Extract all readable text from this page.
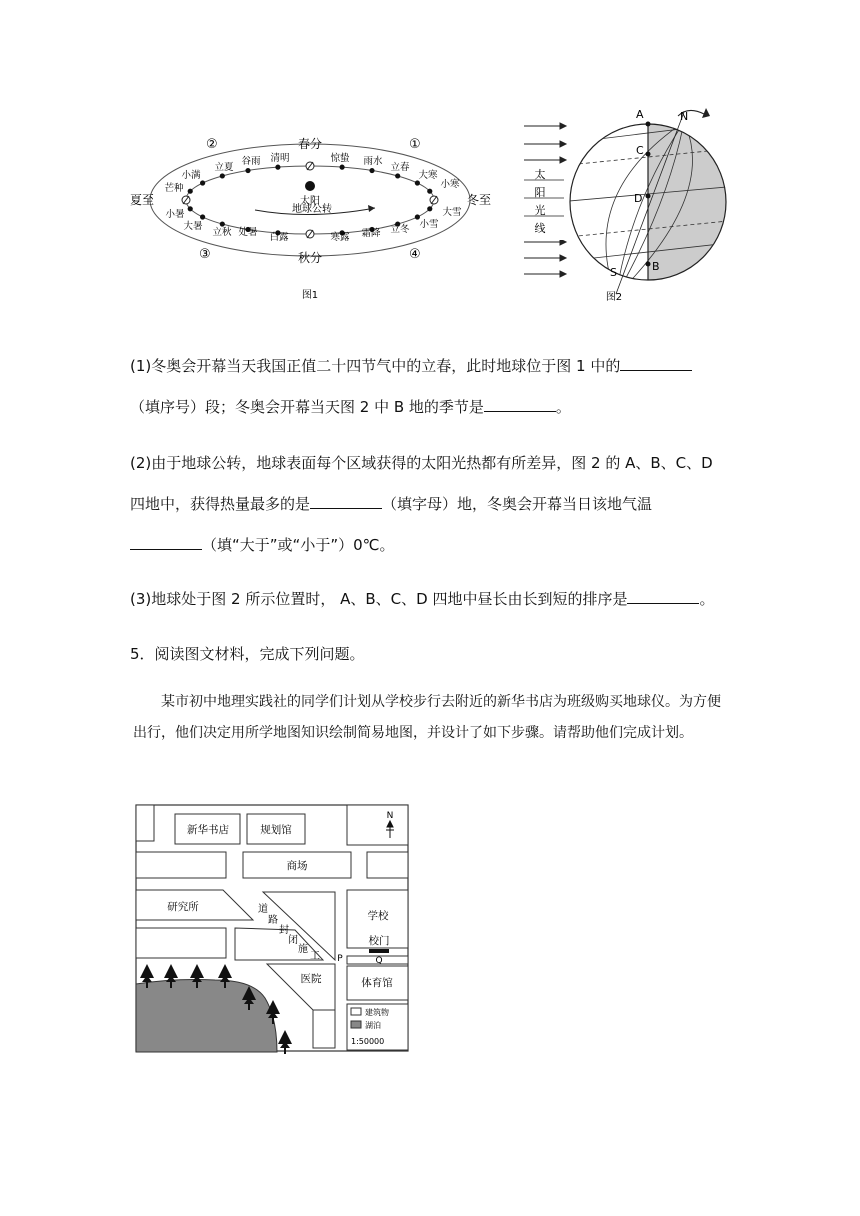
太阳
地球公转
春分
秋分
夏至	冬至
②	①
③	④
小满
立夏
谷雨 清明	惊蛰 雨水
立春
大寒
芒种
小暑
小寒
大雪
大暑
立秋 处暑 白露	寒露 霜降 立冬 小雪
图1
太
阳
光
线
A	N
C
D
S	B
图2

(1)冬奥会开幕当天我国正值二十四节气中的立春，此时地球位于图 1 中的
（填序号）段；冬奥会开幕当天图 2 中 B 地的季节是	。

(2)由于地球公转，地球表面每个区域获得的太阳光热都有所差异，图 2 的 A、B、C、D 四地中，获得热量最多的是	（填字母）地，冬奥会开幕当日该地气温
（填“大于”或“小于”）0℃。

(3)地球处于图 2 所示位置时， A、B、C、D 四地中昼长由长到短的排序是	。

5．阅读图文材料，完成下列问题。

某市初中地理实践社的同学们计划从学校步行去附近的新华书店为班级购买地球仪。为方便出行，他们决定用所学地图知识绘制简易地图，并设计了如下步骤。请帮助他们完成计划。

新华书店	规划馆
商场
研究所
学校
校门
医院	体育馆
N
P	Q
道
路
封
闭
施
工
建筑物
湖泊
1:50000
